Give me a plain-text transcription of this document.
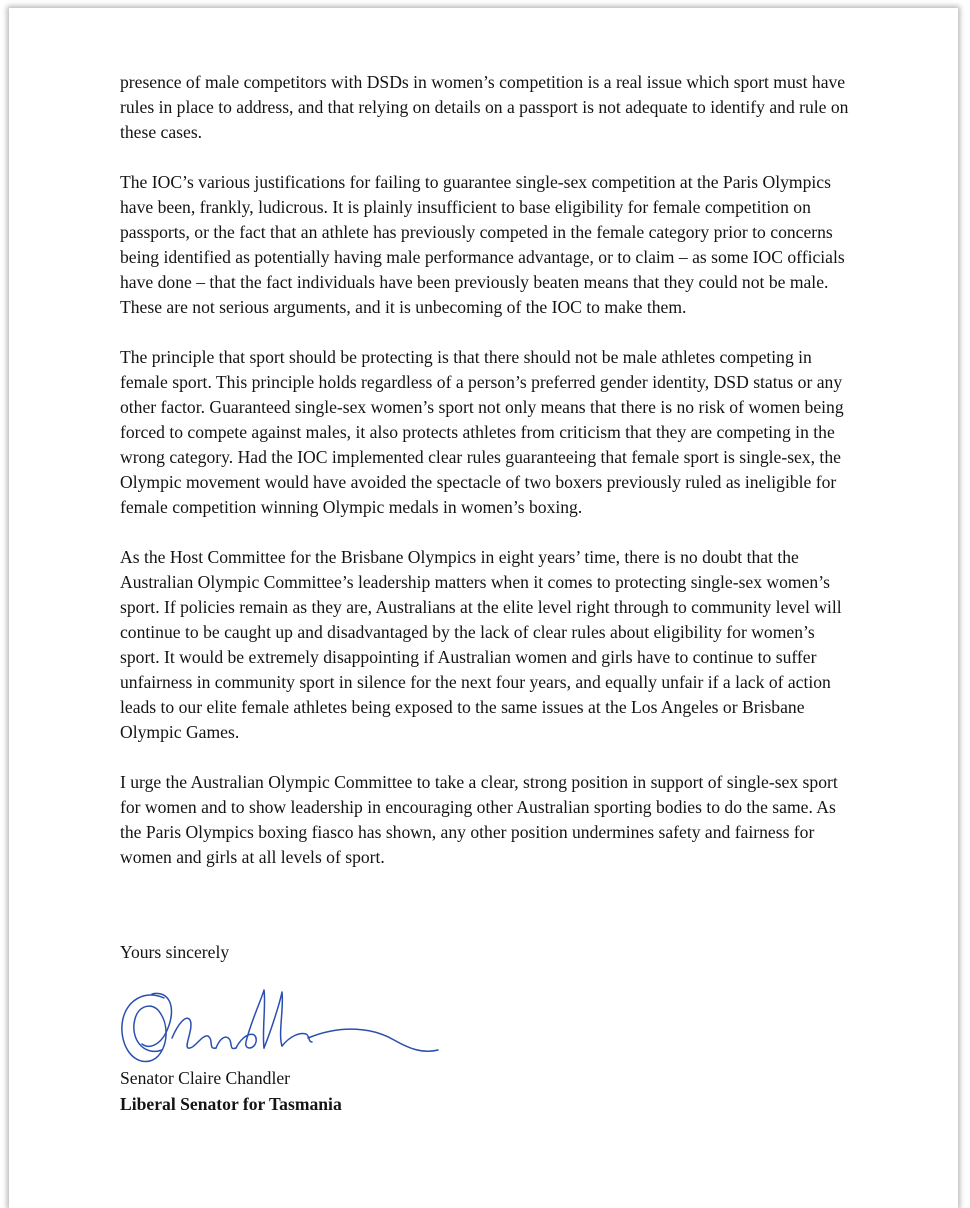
presence of male competitors with DSDs in women’s competition is a real issue which sport must have rules in place to address, and that relying on details on a passport is not adequate to identify and rule on these cases.

The IOC’s various justifications for failing to guarantee single-sex competition at the Paris Olympics have been, frankly, ludicrous. It is plainly insufficient to base eligibility for female competition on passports, or the fact that an athlete has previously competed in the female category prior to concerns being identified as potentially having male performance advantage, or to claim – as some IOC officials have done – that the fact individuals have been previously beaten means that they could not be male. These are not serious arguments, and it is unbecoming of the IOC to make them.

The principle that sport should be protecting is that there should not be male athletes competing in female sport. This principle holds regardless of a person’s preferred gender identity, DSD status or any other factor. Guaranteed single-sex women’s sport not only means that there is no risk of women being forced to compete against males, it also protects athletes from criticism that they are competing in the wrong category. Had the IOC implemented clear rules guaranteeing that female sport is single-sex, the Olympic movement would have avoided the spectacle of two boxers previously ruled as ineligible for female competition winning Olympic medals in women’s boxing.

As the Host Committee for the Brisbane Olympics in eight years’ time, there is no doubt that the Australian Olympic Committee’s leadership matters when it comes to protecting single-sex women’s sport. If policies remain as they are, Australians at the elite level right through to community level will continue to be caught up and disadvantaged by the lack of clear rules about eligibility for women’s sport. It would be extremely disappointing if Australian women and girls have to continue to suffer unfairness in community sport in silence for the next four years, and equally unfair if a lack of action leads to our elite female athletes being exposed to the same issues at the Los Angeles or Brisbane Olympic Games.

I urge the Australian Olympic Committee to take a clear, strong position in support of single-sex sport for women and to show leadership in encouraging other Australian sporting bodies to do the same. As the Paris Olympics boxing fiasco has shown, any other position undermines safety and fairness for women and girls at all levels of sport.

Yours sincerely
Senator Claire Chandler
Liberal Senator for Tasmania
